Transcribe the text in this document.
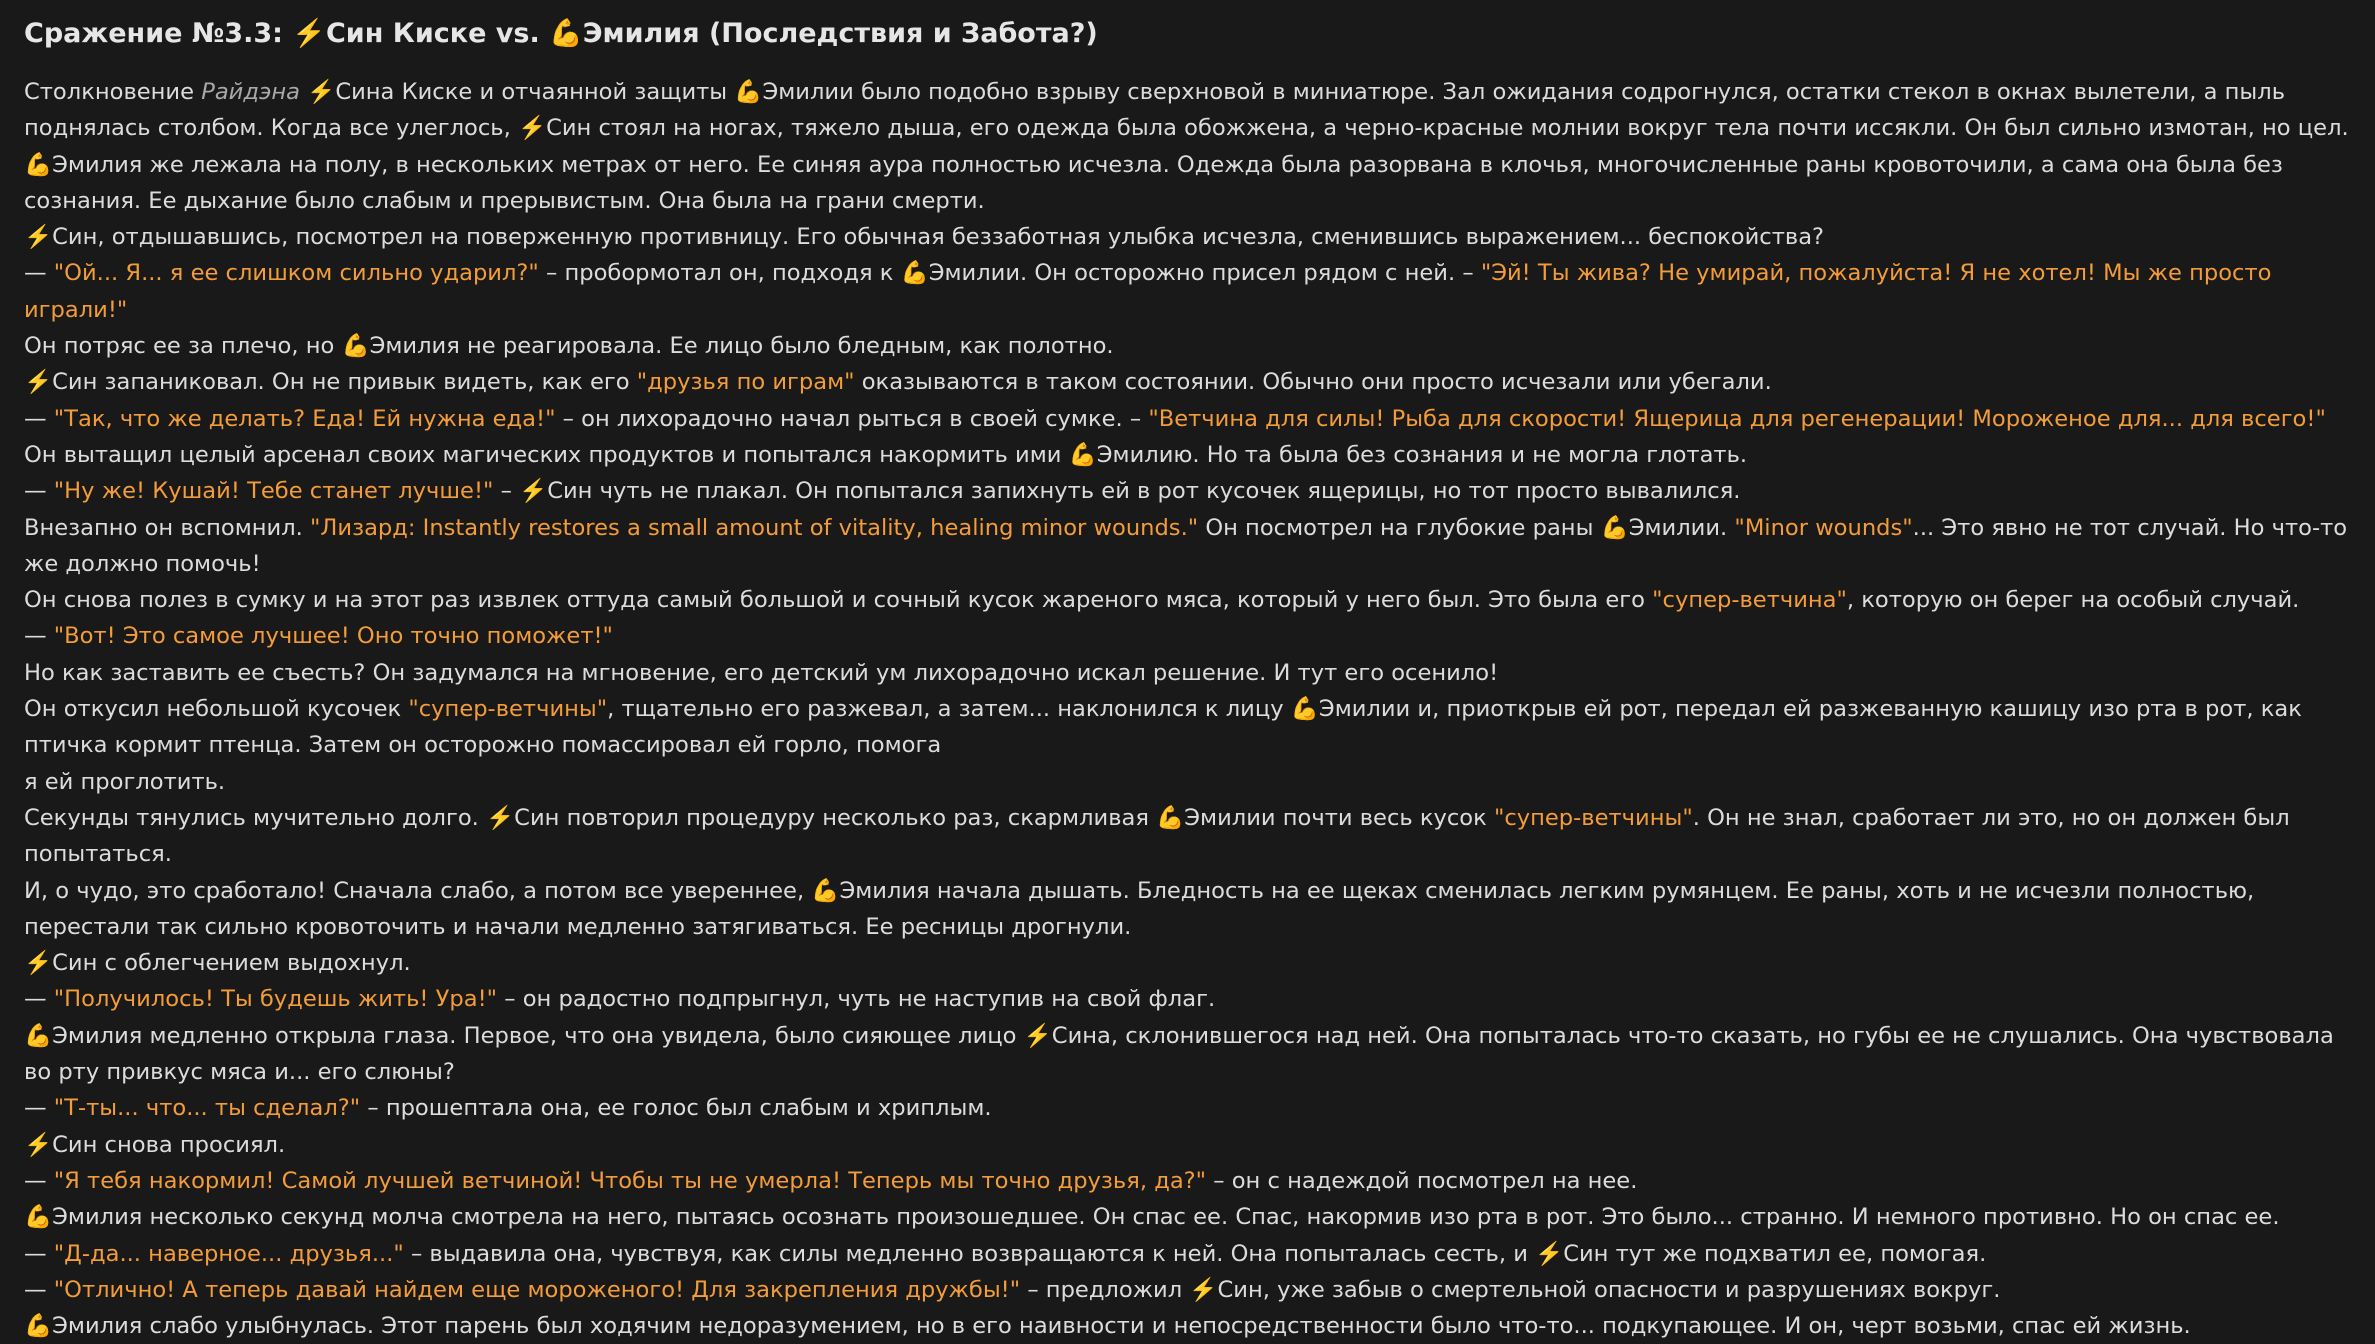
Сражение №3.3: ⚡️Син Киске vs. 💪Эмилия (Последствия и Забота?)

Столкновение Райдэна ⚡️Сина Киске и отчаянной защиты 💪Эмилии было подобно взрыву сверхновой в миниатюре. Зал ожидания содрогнулся, остатки стекол в окнах вылетели, а пыль поднялась столбом. Когда все улеглось, ⚡️Син стоял на ногах, тяжело дыша, его одежда была обожжена, а черно-красные молнии вокруг тела почти иссякли. Он был сильно измотан, но цел. 💪Эмилия же лежала на полу, в нескольких метрах от него. Ее синяя аура полностью исчезла. Одежда была разорвана в клочья, многочисленные раны кровоточили, а сама она была без сознания. Ее дыхание было слабым и прерывистым. Она была на грани смерти.

⚡️Син, отдышавшись, посмотрел на поверженную противницу. Его обычная беззаботная улыбка исчезла, сменившись выражением... беспокойства?

— "Ой... Я... я ее слишком сильно ударил?" – пробормотал он, подходя к 💪Эмилии. Он осторожно присел рядом с ней. – "Эй! Ты жива? Не умирай, пожалуйста! Я не хотел! Мы же просто играли!"

Он потряс ее за плечо, но 💪Эмилия не реагировала. Ее лицо было бледным, как полотно.

⚡️Син запаниковал. Он не привык видеть, как его "друзья по играм" оказываются в таком состоянии. Обычно они просто исчезали или убегали.

— "Так, что же делать? Еда! Ей нужна еда!" – он лихорадочно начал рыться в своей сумке. – "Ветчина для силы! Рыба для скорости! Ящерица для регенерации! Мороженое для... для всего!"

Он вытащил целый арсенал своих магических продуктов и попытался накормить ими 💪Эмилию. Но та была без сознания и не могла глотать.

— "Ну же! Кушай! Тебе станет лучше!" – ⚡️Син чуть не плакал. Он попытался запихнуть ей в рот кусочек ящерицы, но тот просто вывалился.

Внезапно он вспомнил. "Лизард: Instantly restores a small amount of vitality, healing minor wounds." Он посмотрел на глубокие раны 💪Эмилии. "Minor wounds"... Это явно не тот случай. Но что-то же должно помочь!

Он снова полез в сумку и на этот раз извлек оттуда самый большой и сочный кусок жареного мяса, который у него был. Это была его "супер-ветчина", которую он берег на особый случай.

— "Вот! Это самое лучшее! Оно точно поможет!"

Но как заставить ее съесть? Он задумался на мгновение, его детский ум лихорадочно искал решение. И тут его осенило!

Он откусил небольшой кусочек "супер-ветчины", тщательно его разжевал, а затем... наклонился к лицу 💪Эмилии и, приоткрыв ей рот, передал ей разжеванную кашицу изо рта в рот, как птичка кормит птенца. Затем он осторожно помассировал ей горло, помога

я ей проглотить.

Секунды тянулись мучительно долго. ⚡️Син повторил процедуру несколько раз, скармливая 💪Эмилии почти весь кусок "супер-ветчины". Он не знал, сработает ли это, но он должен был попытаться.

И, о чудо, это сработало! Сначала слабо, а потом все увереннее, 💪Эмилия начала дышать. Бледность на ее щеках сменилась легким румянцем. Ее раны, хоть и не исчезли полностью, перестали так сильно кровоточить и начали медленно затягиваться. Ее ресницы дрогнули.

⚡️Син с облегчением выдохнул.

— "Получилось! Ты будешь жить! Ура!" – он радостно подпрыгнул, чуть не наступив на свой флаг.

💪Эмилия медленно открыла глаза. Первое, что она увидела, было сияющее лицо ⚡️Сина, склонившегося над ней. Она попыталась что-то сказать, но губы ее не слушались. Она чувствовала во рту привкус мяса и... его слюны?

— "Т-ты... что... ты сделал?" – прошептала она, ее голос был слабым и хриплым.

⚡️Син снова просиял.

— "Я тебя накормил! Самой лучшей ветчиной! Чтобы ты не умерла! Теперь мы точно друзья, да?" – он с надеждой посмотрел на нее.

💪Эмилия несколько секунд молча смотрела на него, пытаясь осознать произошедшее. Он спас ее. Спас, накормив изо рта в рот. Это было... странно. И немного противно. Но он спас ее.

— "Д-да... наверное... друзья..." – выдавила она, чувствуя, как силы медленно возвращаются к ней. Она попыталась сесть, и ⚡️Син тут же подхватил ее, помогая.

— "Отлично! А теперь давай найдем еще мороженого! Для закрепления дружбы!" – предложил ⚡️Син, уже забыв о смертельной опасности и разрушениях вокруг.

💪Эмилия слабо улыбнулась. Этот парень был ходячим недоразумением, но в его наивности и непосредственности было что-то... подкупающее. И он, черт возьми, спас ей жизнь.
